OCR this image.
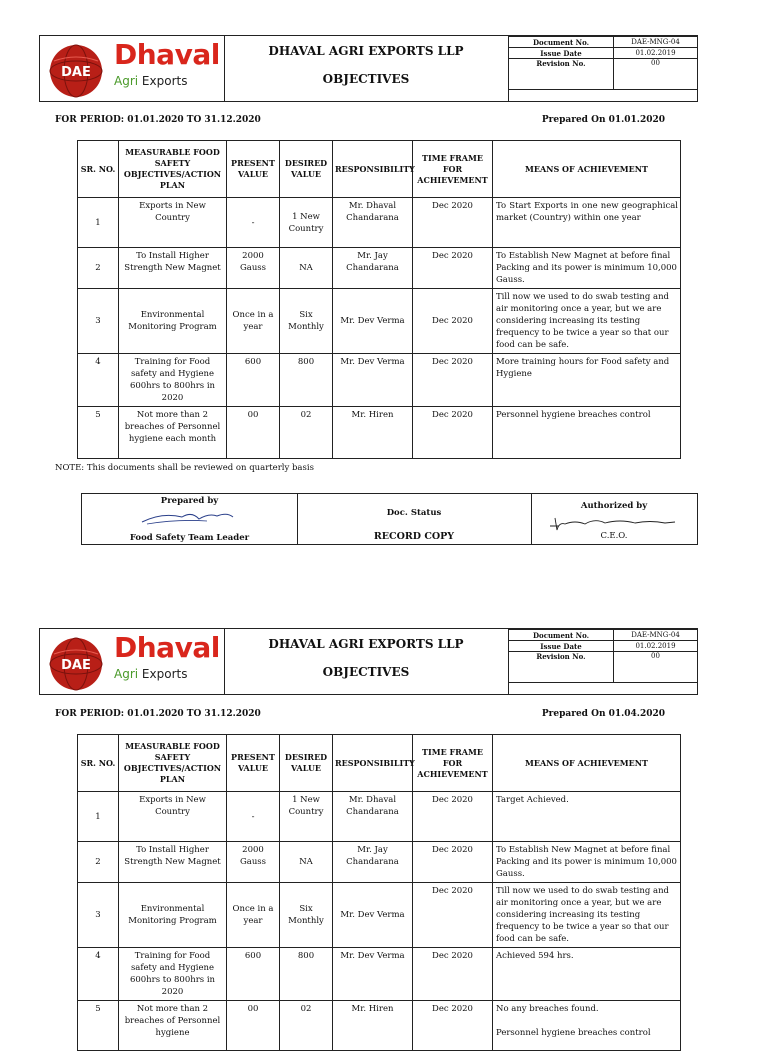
DAE
Dhaval
Agri Exports
DHAVAL AGRI EXPORTS LLP
OBJECTIVES
Document No.	DAE-MNG-04
Issue Date	01.02.2019
Revision No.	00
FOR PERIOD: 01.01.2020 TO 31.12.2020	Prepared On 01.01.2020
SR. NO.	MEASURABLE FOOD SAFETY OBJECTIVES/ACTION PLAN	PRESENT VALUE	DESIRED VALUE	RESPONSIBILITY	TIME FRAME FOR ACHIEVEMENT	MEANS OF ACHIEVEMENT
1	Exports in New Country	-	1 New Country	Mr. Dhaval Chandarana	Dec 2020	To Start Exports in one new geographical market (Country) within one year
2	To Install Higher Strength New Magnet	2000 Gauss	NA	Mr. Jay Chandarana	Dec 2020	To Establish New Magnet at before final Packing and its power is minimum 10,000 Gauss.
3	Environmental Monitoring Program	Once in a year	Six Monthly	Mr. Dev Verma	Dec 2020	Till now we used to do swab testing and air monitoring once a year, but we are considering increasing its testing frequency to be twice a year so that our food can be safe.
4	Training for Food safety and Hygiene 600hrs to 800hrs in 2020	600	800	Mr. Dev Verma	Dec 2020	More training hours for Food safety and Hygiene
5	Not more than 2 breaches of Personnel hygiene each month	00	02	Mr. Hiren	Dec 2020	Personnel hygiene breaches control
NOTE: This documents shall be reviewed on quarterly basis
Prepared by
Food Safety Team Leader
Doc. Status
RECORD COPY
Authorized by
C.E.O.
DAE
Dhaval
Agri Exports
DHAVAL AGRI EXPORTS LLP
OBJECTIVES
Document No.	DAE-MNG-04
Issue Date	01.02.2019
Revision No.	00
FOR PERIOD: 01.01.2020 TO 31.12.2020	Prepared On 01.04.2020
SR. NO.	MEASURABLE FOOD SAFETY OBJECTIVES/ACTION PLAN	PRESENT VALUE	DESIRED VALUE	RESPONSIBILITY	TIME FRAME FOR ACHIEVEMENT	MEANS OF ACHIEVEMENT
1	Exports in New Country	-	1 New Country	Mr. Dhaval Chandarana	Dec 2020	Target Achieved.
2	To Install Higher Strength New Magnet	2000 Gauss	NA	Mr. Jay Chandarana	Dec 2020	To Establish New Magnet at before final Packing and its power is minimum 10,000 Gauss.
3	Environmental Monitoring Program	Once in a year	Six Monthly	Mr. Dev Verma	Dec 2020	Till now we used to do swab testing and air monitoring once a year, but we are considering increasing its testing frequency to be twice a year so that our food can be safe.
4	Training for Food safety and Hygiene 600hrs to 800hrs in 2020	600	800	Mr. Dev Verma	Dec 2020	Achieved 594 hrs.
5	Not more than 2 breaches of Personnel hygiene	00	02	Mr. Hiren	Dec 2020	No any breaches found.
Personnel hygiene breaches control
